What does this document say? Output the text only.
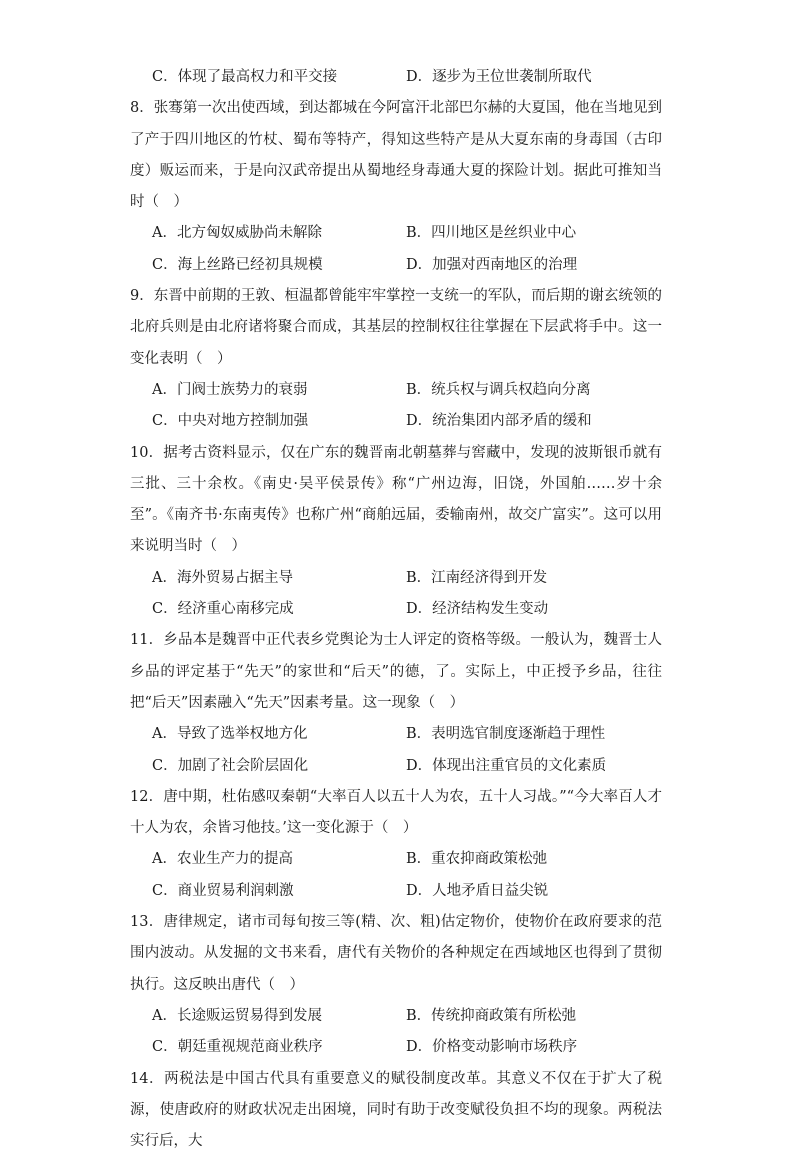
C．体现了最高权力和平交接	D．逐步为王位世袭制所取代

8．张骞第一次出使西域，到达都城在今阿富汗北部巴尔赫的大夏国，他在当地见到了产于四川地区的竹杖、蜀布等特产，得知这些特产是从大夏东南的身毒国（古印度）贩运而来，于是向汉武帝提出从蜀地经身毒通大夏的探险计划。据此可推知当时（　）

A．北方匈奴威胁尚未解除	B．四川地区是丝织业中心
C．海上丝路已经初具规模	D．加强对西南地区的治理

9．东晋中前期的王敦、桓温都曾能牢牢掌控一支统一的军队，而后期的谢玄统领的北府兵则是由北府诸将聚合而成，其基层的控制权往往掌握在下层武将手中。这一变化表明（　）

A．门阀士族势力的衰弱	B．统兵权与调兵权趋向分离
C．中央对地方控制加强	D．统治集团内部矛盾的缓和

10．据考古资料显示，仅在广东的魏晋南北朝墓葬与窖藏中，发现的波斯银币就有三批、三十余枚。《南史·吴平侯景传》称“广州边海，旧饶，外国舶……岁十余至”。《南齐书·东南夷传》也称广州“商舶远届，委输南州，故交广富实”。这可以用来说明当时（　）

A．海外贸易占据主导	B．江南经济得到开发
C．经济重心南移完成	D．经济结构发生变动

11．乡品本是魏晋中正代表乡党舆论为士人评定的资格等级。一般认为，魏晋士人乡品的评定基于“先天”的家世和“后天”的德，了。实际上，中正授予乡品，往往把“后天”因素融入“先天”因素考量。这一现象（　）

A．导致了选举权地方化	B．表明选官制度逐渐趋于理性
C．加剧了社会阶层固化	D．体现出注重官员的文化素质

12．唐中期，杜佑感叹秦朝“大率百人以五十人为农，五十人习战。”“今大率百人才十人为农，余皆习他技。’这一变化源于（　）

A．农业生产力的提高	B．重农抑商政策松弛
C．商业贸易利润刺激	D．人地矛盾日益尖锐

13．唐律规定，诸市司每旬按三等(精、次、粗)估定物价，使物价在政府要求的范围内波动。从发掘的文书来看，唐代有关物价的各种规定在西域地区也得到了贯彻执行。这反映出唐代（　）

A．长途贩运贸易得到发展	B．传统抑商政策有所松弛
C．朝廷重视规范商业秩序	D．价格变动影响市场秩序

14．两税法是中国古代具有重要意义的赋役制度改革。其意义不仅在于扩大了税源，使唐政府的财政状况走出困境，同时有助于改变赋役负担不均的现象。两税法实行后，大
